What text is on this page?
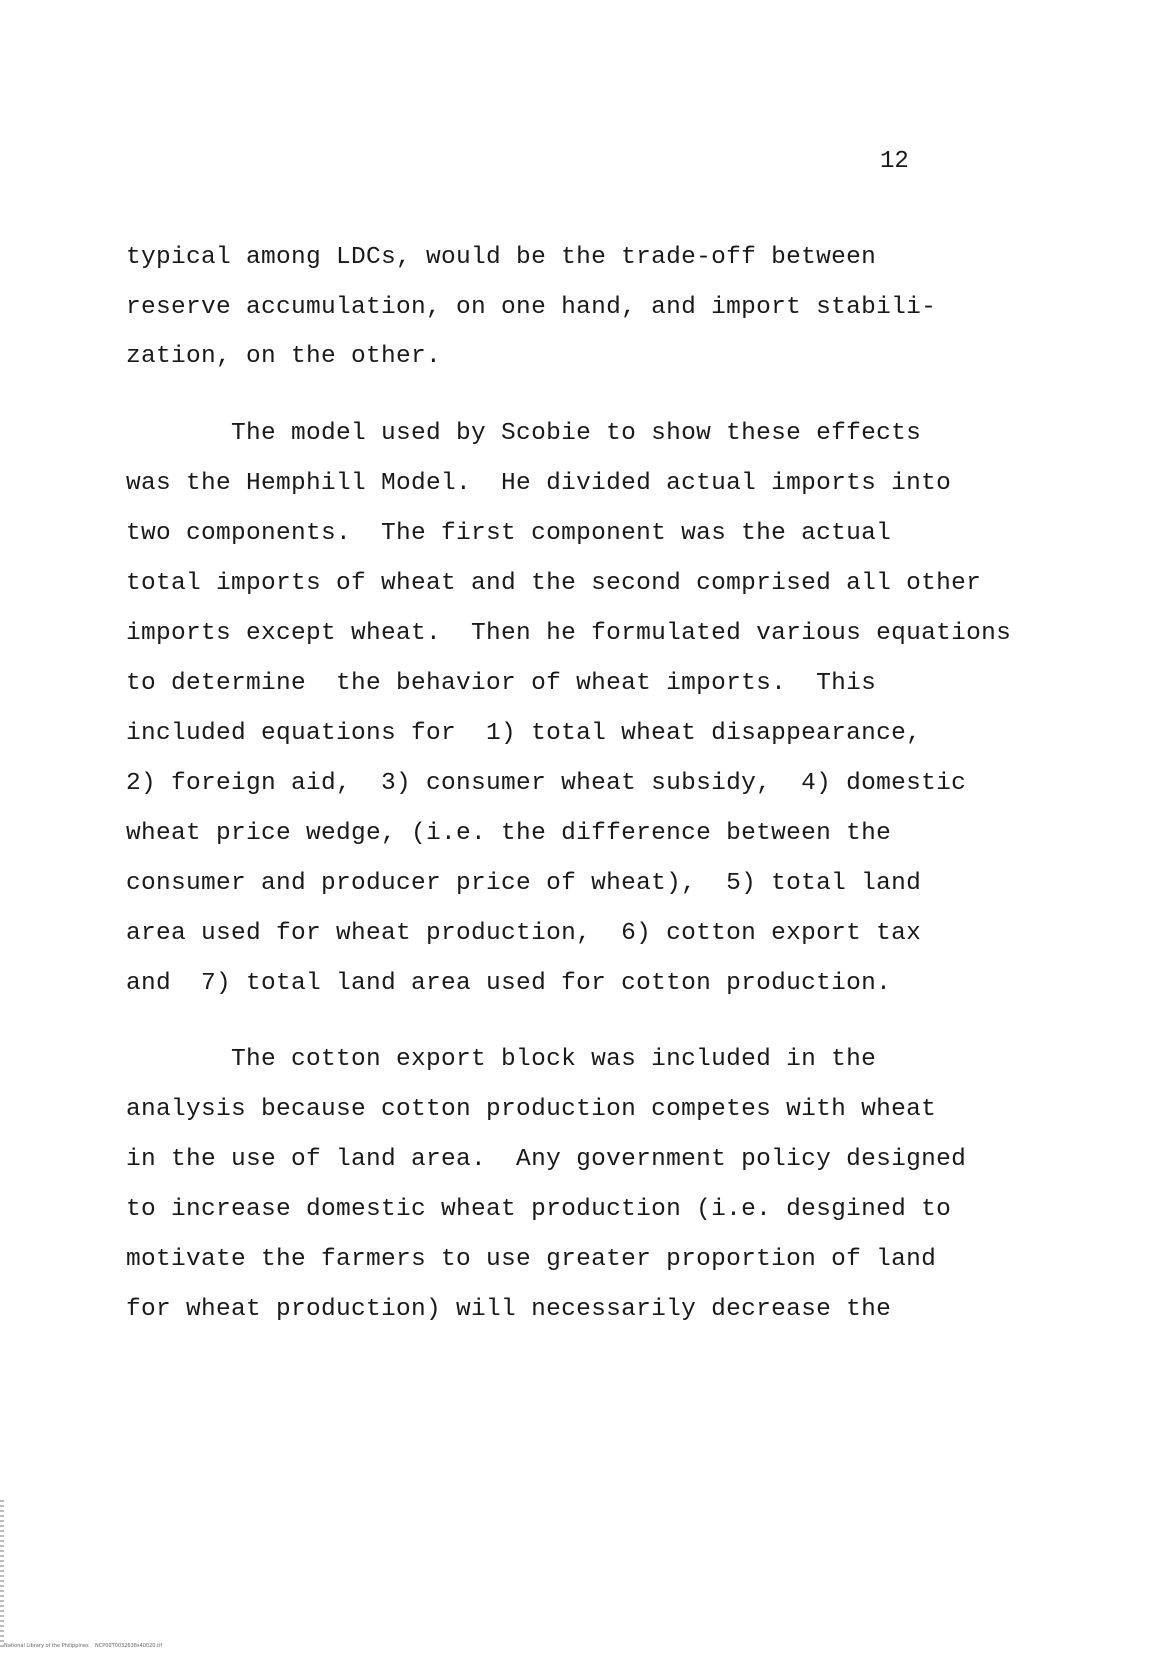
12
typical among LDCs, would be the trade-off between
reserve accumulation, on one hand, and import stabili-
zation, on the other.
The model used by Scobie to show these effects
was the Hemphill Model.  He divided actual imports into
two components.  The first component was the actual
total imports of wheat and the second comprised all other
imports except wheat.  Then he formulated various equations
to determine  the behavior of wheat imports.  This
included equations for  1) total wheat disappearance,
2) foreign aid,  3) consumer wheat subsidy,  4) domestic
wheat price wedge, (i.e. the difference between the
consumer and producer price of wheat),  5) total land
area used for wheat production,  6) cotton export tax
and  7) total land area used for cotton production.
The cotton export block was included in the
analysis because cotton production competes with wheat
in the use of land area.  Any government policy designed
to increase domestic wheat production (i.e. desgined to
motivate the farmers to use greater proportion of land
for wheat production) will necessarily decrease the
National Library of the Philippines    NCP00T0032638s40020.tif
